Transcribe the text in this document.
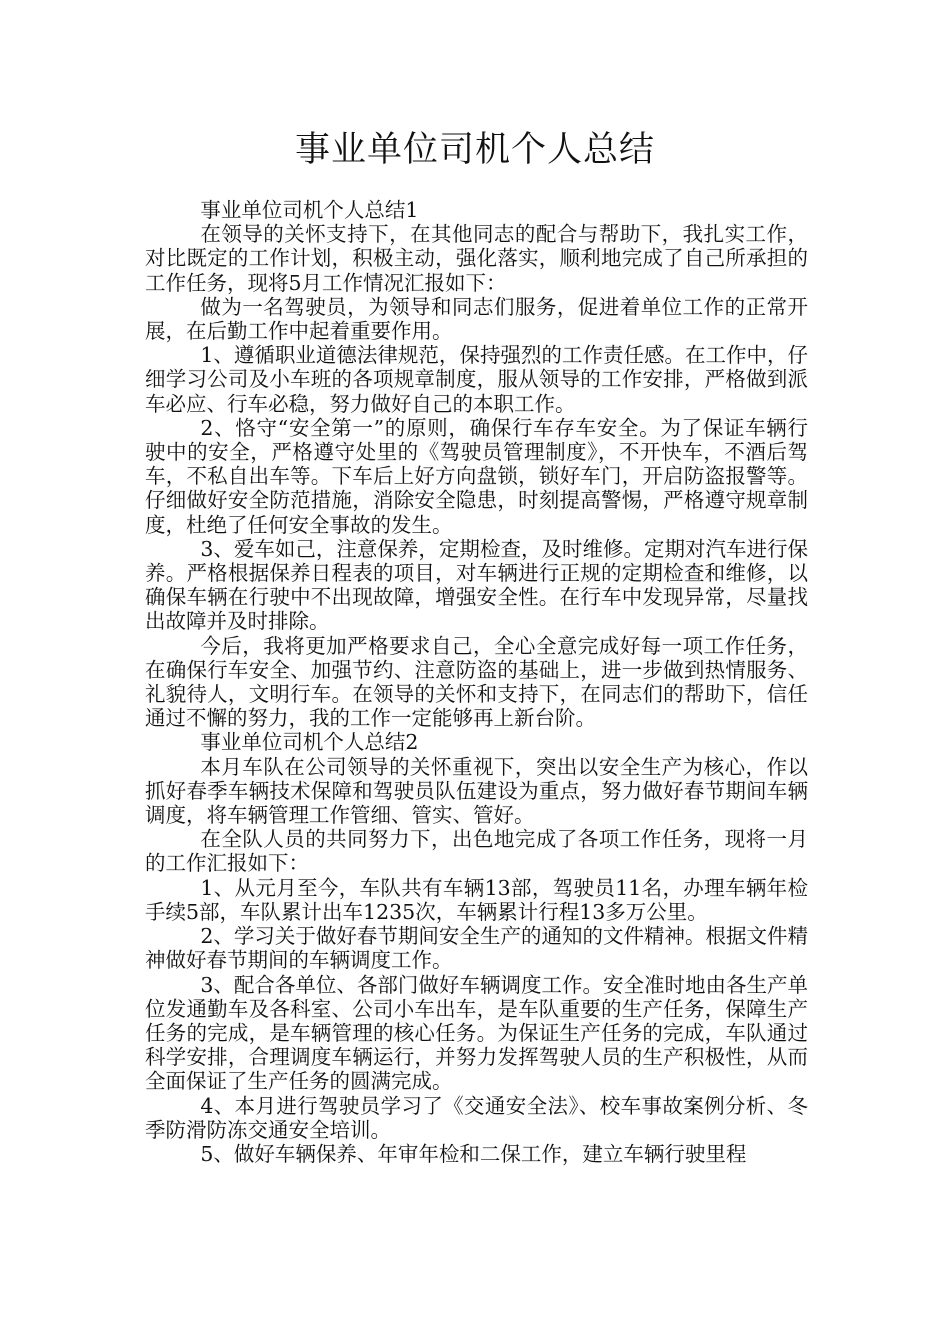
事业单位司机个人总结

事业单位司机个人总结1

在领导的关怀支持下，在其他同志的配合与帮助下，我扎实工作，对比既定的工作计划，积极主动，强化落实，顺利地完成了自己所承担的工作任务，现将5月工作情况汇报如下：

做为一名驾驶员，为领导和同志们服务，促进着单位工作的正常开展，在后勤工作中起着重要作用。

1、遵循职业道德法律规范，保持强烈的工作责任感。在工作中，仔细学习公司及小车班的各项规章制度，服从领导的工作安排，严格做到派车必应、行车必稳，努力做好自己的本职工作。

2、恪守“安全第一”的原则，确保行车存车安全。为了保证车辆行驶中的安全，严格遵守处里的《驾驶员管理制度》，不开快车，不酒后驾车，不私自出车等。下车后上好方向盘锁，锁好车门，开启防盗报警等。仔细做好安全防范措施，消除安全隐患，时刻提高警惕，严格遵守规章制度，杜绝了任何安全事故的发生。

3、爱车如己，注意保养，定期检查，及时维修。定期对汽车进行保养。严格根据保养日程表的项目，对车辆进行正规的定期检查和维修，以确保车辆在行驶中不出现故障，增强安全性。在行车中发现异常，尽量找出故障并及时排除。

今后，我将更加严格要求自己，全心全意完成好每一项工作任务，在确保行车安全、加强节约、注意防盗的基础上，进一步做到热情服务、礼貌待人，文明行车。在领导的关怀和支持下，在同志们的帮助下，信任通过不懈的努力，我的工作一定能够再上新台阶。

事业单位司机个人总结2

本月车队在公司领导的关怀重视下，突出以安全生产为核心，作以抓好春季车辆技术保障和驾驶员队伍建设为重点，努力做好春节期间车辆调度，将车辆管理工作管细、管实、管好。

在全队人员的共同努力下，出色地完成了各项工作任务，现将一月的工作汇报如下：

1、从元月至今，车队共有车辆13部，驾驶员11名，办理车辆年检手续5部，车队累计出车1235次，车辆累计行程13多万公里。

2、学习关于做好春节期间安全生产的通知的文件精神。根据文件精神做好春节期间的车辆调度工作。

3、配合各单位、各部门做好车辆调度工作。安全准时地由各生产单位发通勤车及各科室、公司小车出车，是车队重要的生产任务，保障生产任务的完成，是车辆管理的核心任务。为保证生产任务的完成，车队通过科学安排，合理调度车辆运行，并努力发挥驾驶人员的生产积极性，从而全面保证了生产任务的圆满完成。

4、本月进行驾驶员学习了《交通安全法》、校车事故案例分析、冬季防滑防冻交通安全培训。

5、做好车辆保养、年审年检和二保工作，建立车辆行驶里程
